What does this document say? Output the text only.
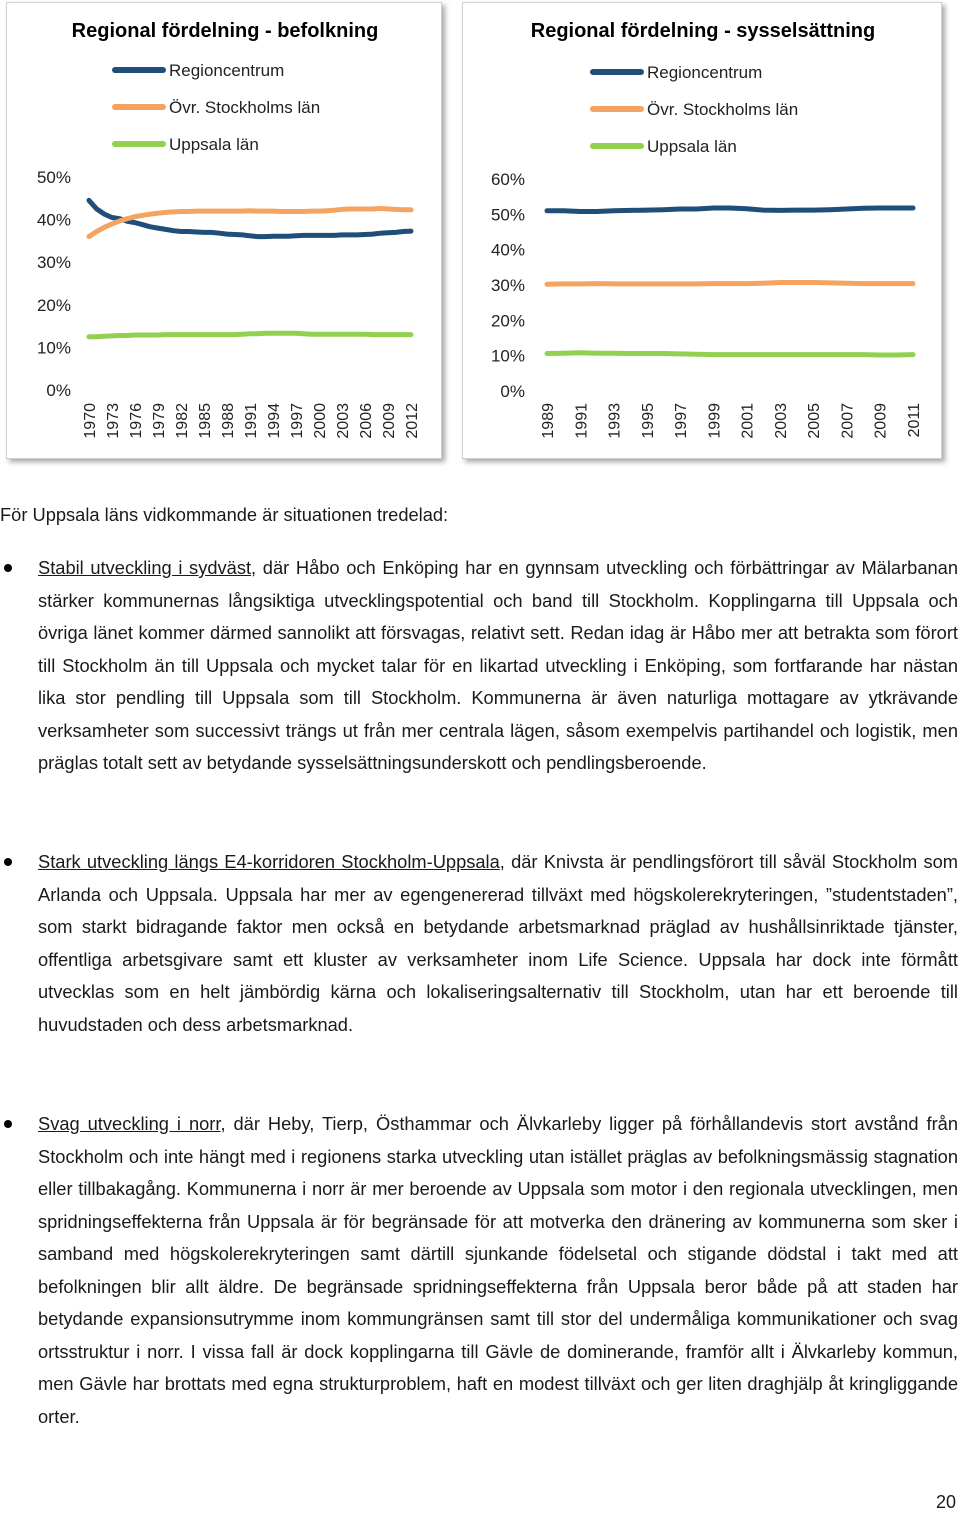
Regional fördelning - befolkning
Regioncentrum
Övr. Stockholms län
Uppsala län
0%
10%
20%
30%
40%
50%
1970 1973 1976 1979 1982 1985 1988 1991 1994 1997 2000 2003 2006 2009 2012
Regional fördelning - sysselsättning
Regioncentrum
Övr. Stockholms län
Uppsala län
0%
10%
20%
30%
40%
50%
60%
1989 1991 1993 1995 1997 1999 2001 2003 2005 2007 2009 2011
För Uppsala läns vidkommande är situationen tredelad:
Stabil utveckling i sydväst, där Håbo och Enköping har en gynnsam utveckling och förbättringar av Mälarbanan stärker kommunernas långsiktiga utvecklingspotential och band till Stockholm. Kopplingarna till Uppsala och övriga länet kommer därmed sannolikt att försvagas, relativt sett. Redan idag är Håbo mer att betrakta som förort till Stockholm än till Uppsala och mycket talar för en likartad utveckling i Enköping, som fortfarande har nästan lika stor pendling till Uppsala som till Stockholm. Kommunerna är även naturliga mottagare av ytkrävande verksamheter som successivt trängs ut från mer centrala lägen, såsom exempelvis partihandel och logistik, men präglas totalt sett av betydande sysselsättningsunderskott och pendlingsberoende.
Stark utveckling längs E4-korridoren Stockholm-Uppsala, där Knivsta är pendlingsförort till såväl Stockholm som Arlanda och Uppsala. Uppsala har mer av egengenererad tillväxt med högskolerekryteringen, ”studentstaden”, som starkt bidragande faktor men också en betydande arbetsmarknad präglad av hushållsinriktade tjänster, offentliga arbetsgivare samt ett kluster av verksamheter inom Life Science. Uppsala har dock inte förmått utvecklas som en helt jämbördig kärna och lokaliseringsalternativ till Stockholm, utan har ett beroende till huvudstaden och dess arbetsmarknad.
Svag utveckling i norr, där Heby, Tierp, Östhammar och Älvkarleby ligger på förhållandevis stort avstånd från Stockholm och inte hängt med i regionens starka utveckling utan istället präglas av befolkningsmässig stagnation eller tillbakagång. Kommunerna i norr är mer beroende av Uppsala som motor i den regionala utvecklingen, men spridningseffekterna från Uppsala är för begränsade för att motverka den dränering av kommunerna som sker i samband med högskolerekryteringen samt därtill sjunkande födelsetal och stigande dödstal i takt med att befolkningen blir allt äldre. De begränsade spridningseffekterna från Uppsala beror både på att staden har betydande expansionsutrymme inom kommungränsen samt till stor del undermåliga kommunikationer och svag ortsstruktur i norr. I vissa fall är dock kopplingarna till Gävle de dominerande, framför allt i Älvkarleby kommun, men Gävle har brottats med egna strukturproblem, haft en modest tillväxt och ger liten draghjälp åt kringliggande orter.
20
